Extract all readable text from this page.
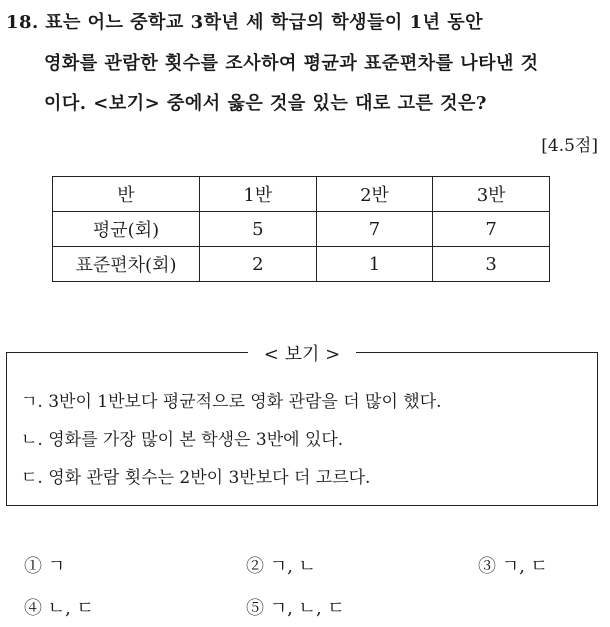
18. 표는 어느 중학교 3학년 세 학급의 학생들이 1년 동안
영화를 관람한 횟수를 조사하여 평균과 표준편차를 나타낸 것
이다. <보기> 중에서 옳은 것을 있는 대로 고른 것은?
[4.5점]
반	1반	2반	3반
평균(회)	5	7	7
표준편차(회)	2	1	3
< 보기 >
ㄱ. 3반이 1반보다 평균적으로 영화 관람을 더 많이 했다.
ㄴ. 영화를 가장 많이 본 학생은 3반에 있다.
ㄷ. 영화 관람 횟수는 2반이 3반보다 더 고르다.
① ㄱ	② ㄱ, ㄴ	③ ㄱ, ㄷ
④ ㄴ, ㄷ	⑤ ㄱ, ㄴ, ㄷ
